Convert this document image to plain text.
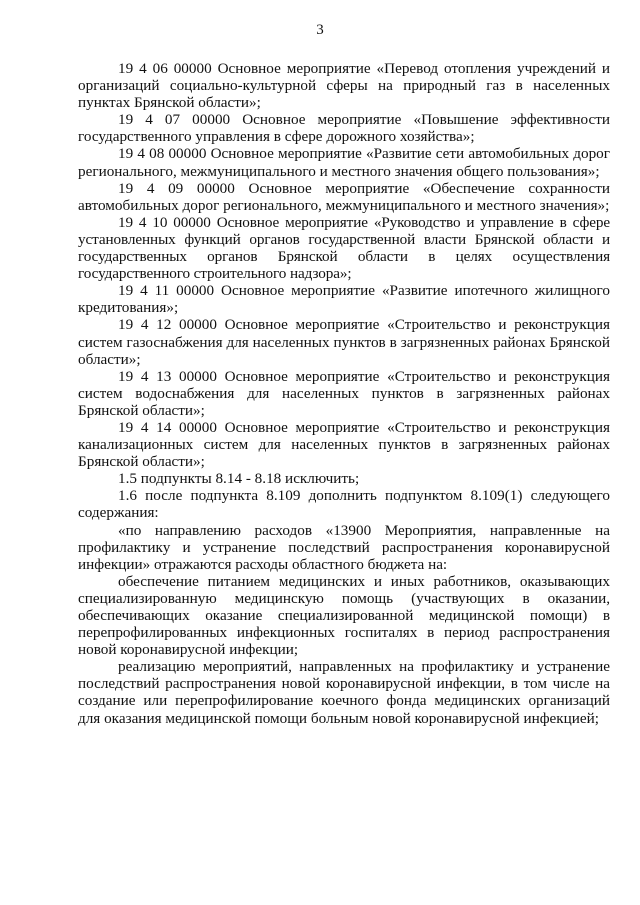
3

19 4 06 00000 Основное мероприятие «Перевод отопления учреждений и организаций социально-культурной сферы на природный газ в населенных пунктах Брянской области»;

19 4 07 00000 Основное мероприятие «Повышение эффективности государственного управления в сфере дорожного хозяйства»;

19 4 08 00000 Основное мероприятие «Развитие сети автомобильных дорог регионального, межмуниципального и местного значения общего пользования»;

19 4 09 00000 Основное мероприятие «Обеспечение сохранности автомобильных дорог регионального, межмуниципального и местного значения»;

19 4 10 00000 Основное мероприятие «Руководство и управление в сфере установленных функций органов государственной власти Брянской области и государственных органов Брянской области в целях осуществления государственного строительного надзора»;

19 4 11 00000 Основное мероприятие «Развитие ипотечного жилищного кредитования»;

19 4 12 00000 Основное мероприятие «Строительство и реконструкция систем газоснабжения для населенных пунктов в загрязненных районах Брянской области»;

19 4 13 00000 Основное мероприятие «Строительство и реконструкция систем водоснабжения для населенных пунктов в загрязненных районах Брянской области»;

19 4 14 00000 Основное мероприятие «Строительство и реконструкция канализационных систем для населенных пунктов в загрязненных районах Брянской области»;

1.5 подпункты 8.14 - 8.18 исключить;

1.6 после подпункта 8.109 дополнить подпунктом 8.109(1) следующего содержания:

«по направлению расходов «13900 Мероприятия, направленные на профилактику и устранение последствий распространения коронавирусной инфекции» отражаются расходы областного бюджета на:

обеспечение питанием медицинских и иных работников, оказывающих специализированную медицинскую помощь (участвующих в оказании, обеспечивающих оказание специализированной медицинской помощи) в перепрофилированных инфекционных госпиталях в период распространения новой коронавирусной инфекции;

реализацию мероприятий, направленных на профилактику и устранение последствий распространения новой коронавирусной инфекции, в том числе на создание или перепрофилирование коечного фонда медицинских организаций для оказания медицинской помощи больным новой коронавирусной инфекцией;
